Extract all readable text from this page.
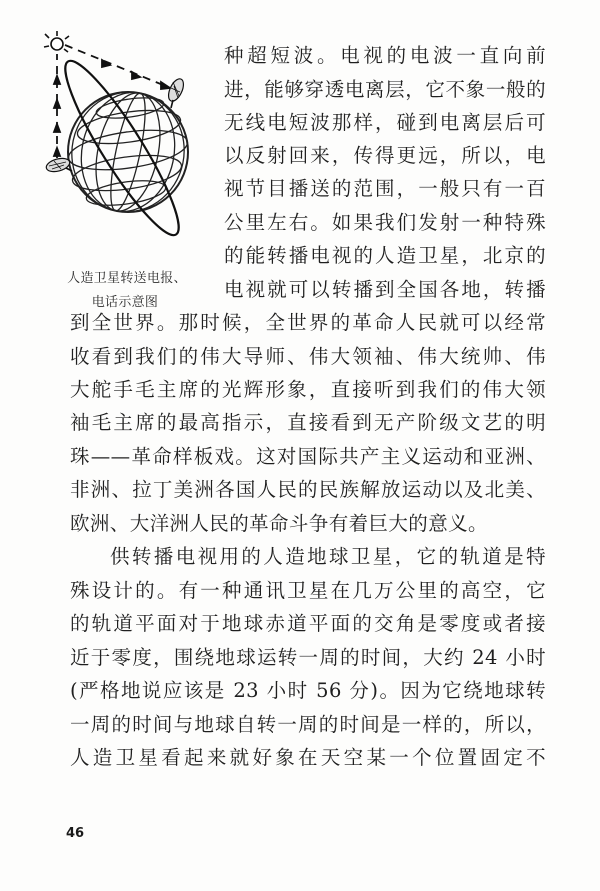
人造卫星转送电报、
电话示意图
种超短波。电视的电波一直向前
进，能够穿透电离层，它不象一般的
无线电短波那样，碰到电离层后可
以反射回来，传得更远，所以，电
视节目播送的范围，一般只有一百
公里左右。如果我们发射一种特殊
的能转播电视的人造卫星，北京的
电视就可以转播到全国各地，转播
到全世界。那时候，全世界的革命人民就可以经常
收看到我们的伟大导师、伟大领袖、伟大统帅、伟
大舵手毛主席的光辉形象，直接听到我们的伟大领
袖毛主席的最高指示，直接看到无产阶级文艺的明
珠——革命样板戏。这对国际共产主义运动和亚洲、
非洲、拉丁美洲各国人民的民族解放运动以及北美、
欧洲、大洋洲人民的革命斗争有着巨大的意义。
供转播电视用的人造地球卫星，它的轨道是特
殊设计的。有一种通讯卫星在几万公里的高空，它
的轨道平面对于地球赤道平面的交角是零度或者接
近于零度，围绕地球运转一周的时间，大约 24 小时
(严格地说应该是 23 小时 56 分)。因为它绕地球转
一周的时间与地球自转一周的时间是一样的，所以，
人造卫星看起来就好象在天空某一个位置固定不
46
